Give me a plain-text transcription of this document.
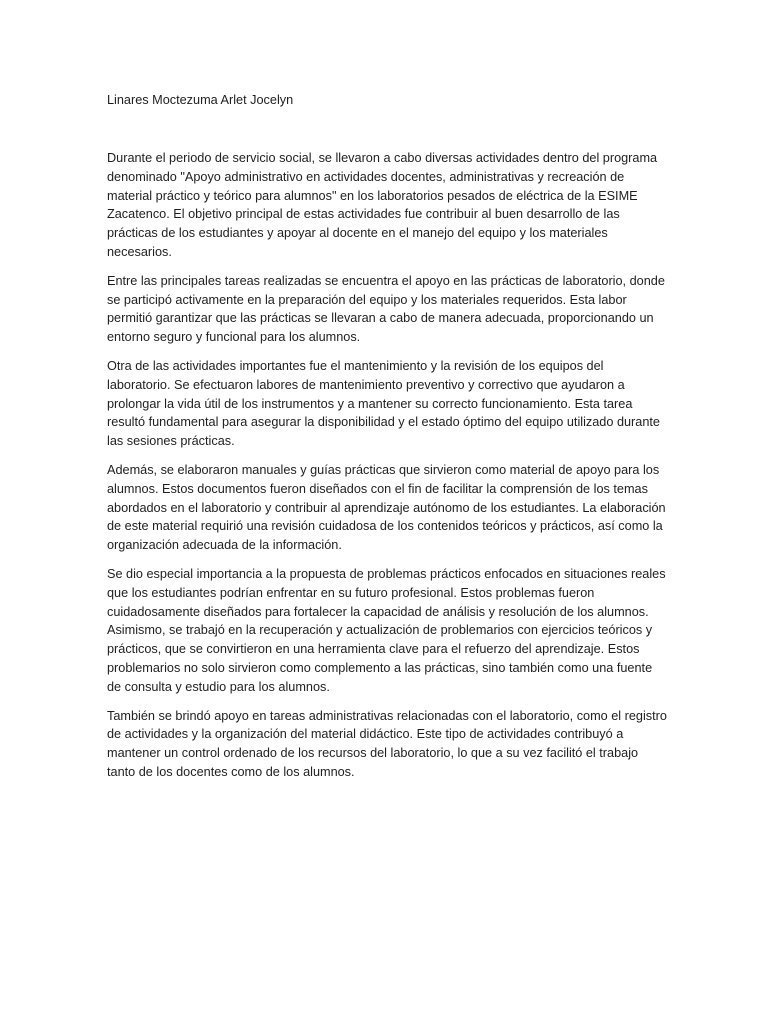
Linares Moctezuma Arlet Jocelyn

Durante el periodo de servicio social, se llevaron a cabo diversas actividades dentro del programa denominado "Apoyo administrativo en actividades docentes, administrativas y recreación de material práctico y teórico para alumnos" en los laboratorios pesados de eléctrica de la ESIME Zacatenco. El objetivo principal de estas actividades fue contribuir al buen desarrollo de las prácticas de los estudiantes y apoyar al docente en el manejo del equipo y los materiales necesarios.

Entre las principales tareas realizadas se encuentra el apoyo en las prácticas de laboratorio, donde se participó activamente en la preparación del equipo y los materiales requeridos. Esta labor permitió garantizar que las prácticas se llevaran a cabo de manera adecuada, proporcionando un entorno seguro y funcional para los alumnos.

Otra de las actividades importantes fue el mantenimiento y la revisión de los equipos del laboratorio. Se efectuaron labores de mantenimiento preventivo y correctivo que ayudaron a prolongar la vida útil de los instrumentos y a mantener su correcto funcionamiento. Esta tarea resultó fundamental para asegurar la disponibilidad y el estado óptimo del equipo utilizado durante las sesiones prácticas.

Además, se elaboraron manuales y guías prácticas que sirvieron como material de apoyo para los alumnos. Estos documentos fueron diseñados con el fin de facilitar la comprensión de los temas abordados en el laboratorio y contribuir al aprendizaje autónomo de los estudiantes. La elaboración de este material requirió una revisión cuidadosa de los contenidos teóricos y prácticos, así como la organización adecuada de la información.

Se dio especial importancia a la propuesta de problemas prácticos enfocados en situaciones reales que los estudiantes podrían enfrentar en su futuro profesional. Estos problemas fueron cuidadosamente diseñados para fortalecer la capacidad de análisis y resolución de los alumnos. Asimismo, se trabajó en la recuperación y actualización de problemarios con ejercicios teóricos y prácticos, que se convirtieron en una herramienta clave para el refuerzo del aprendizaje. Estos problemarios no solo sirvieron como complemento a las prácticas, sino también como una fuente de consulta y estudio para los alumnos.

También se brindó apoyo en tareas administrativas relacionadas con el laboratorio, como el registro de actividades y la organización del material didáctico. Este tipo de actividades contribuyó a mantener un control ordenado de los recursos del laboratorio, lo que a su vez facilitó el trabajo tanto de los docentes como de los alumnos.
